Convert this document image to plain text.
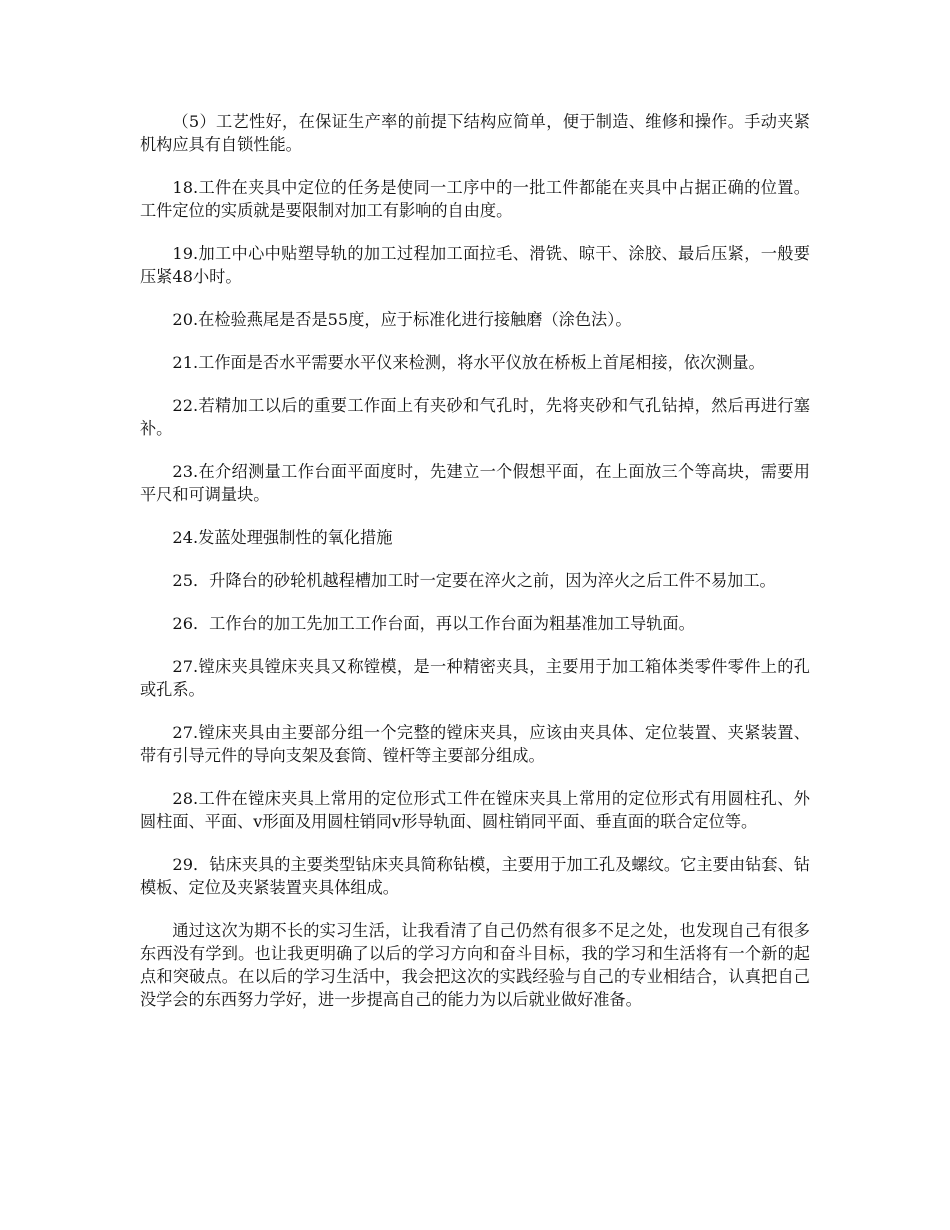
（5）工艺性好，在保证生产率的前提下结构应简单，便于制造、维修和操作。手动夹紧机构应具有自锁性能。

18.工件在夹具中定位的任务是使同一工序中的一批工件都能在夹具中占据正确的位置。工件定位的实质就是要限制对加工有影响的自由度。

19.加工中心中贴塑导轨的加工过程加工面拉毛、滑铣、晾干、涂胶、最后压紧，一般要压紧48小时。

20.在检验燕尾是否是55度，应于标准化进行接触磨（涂色法）。

21.工作面是否水平需要水平仪来检测，将水平仪放在桥板上首尾相接，依次测量。

22.若精加工以后的重要工作面上有夹砂和气孔时，先将夹砂和气孔钻掉，然后再进行塞补。

23.在介绍测量工作台面平面度时，先建立一个假想平面，在上面放三个等高块，需要用平尺和可调量块。

24.发蓝处理强制性的氧化措施

25．升降台的砂轮机越程槽加工时一定要在淬火之前，因为淬火之后工件不易加工。

26．工作台的加工先加工工作台面，再以工作台面为粗基准加工导轨面。

27.镗床夹具镗床夹具又称镗模，是一种精密夹具，主要用于加工箱体类零件零件上的孔或孔系。

27.镗床夹具由主要部分组一个完整的镗床夹具，应该由夹具体、定位装置、夹紧装置、带有引导元件的导向支架及套筒、镗杆等主要部分组成。

28.工件在镗床夹具上常用的定位形式工件在镗床夹具上常用的定位形式有用圆柱孔、外圆柱面、平面、v形面及用圆柱销同v形导轨面、圆柱销同平面、垂直面的联合定位等。

29．钻床夹具的主要类型钻床夹具简称钻模，主要用于加工孔及螺纹。它主要由钻套、钻模板、定位及夹紧装置夹具体组成。

通过这次为期不长的实习生活，让我看清了自己仍然有很多不足之处，也发现自己有很多东西没有学到。也让我更明确了以后的学习方向和奋斗目标，我的学习和生活将有一个新的起点和突破点。在以后的学习生活中，我会把这次的实践经验与自己的专业相结合，认真把自己没学会的东西努力学好，进一步提高自己的能力为以后就业做好准备。
